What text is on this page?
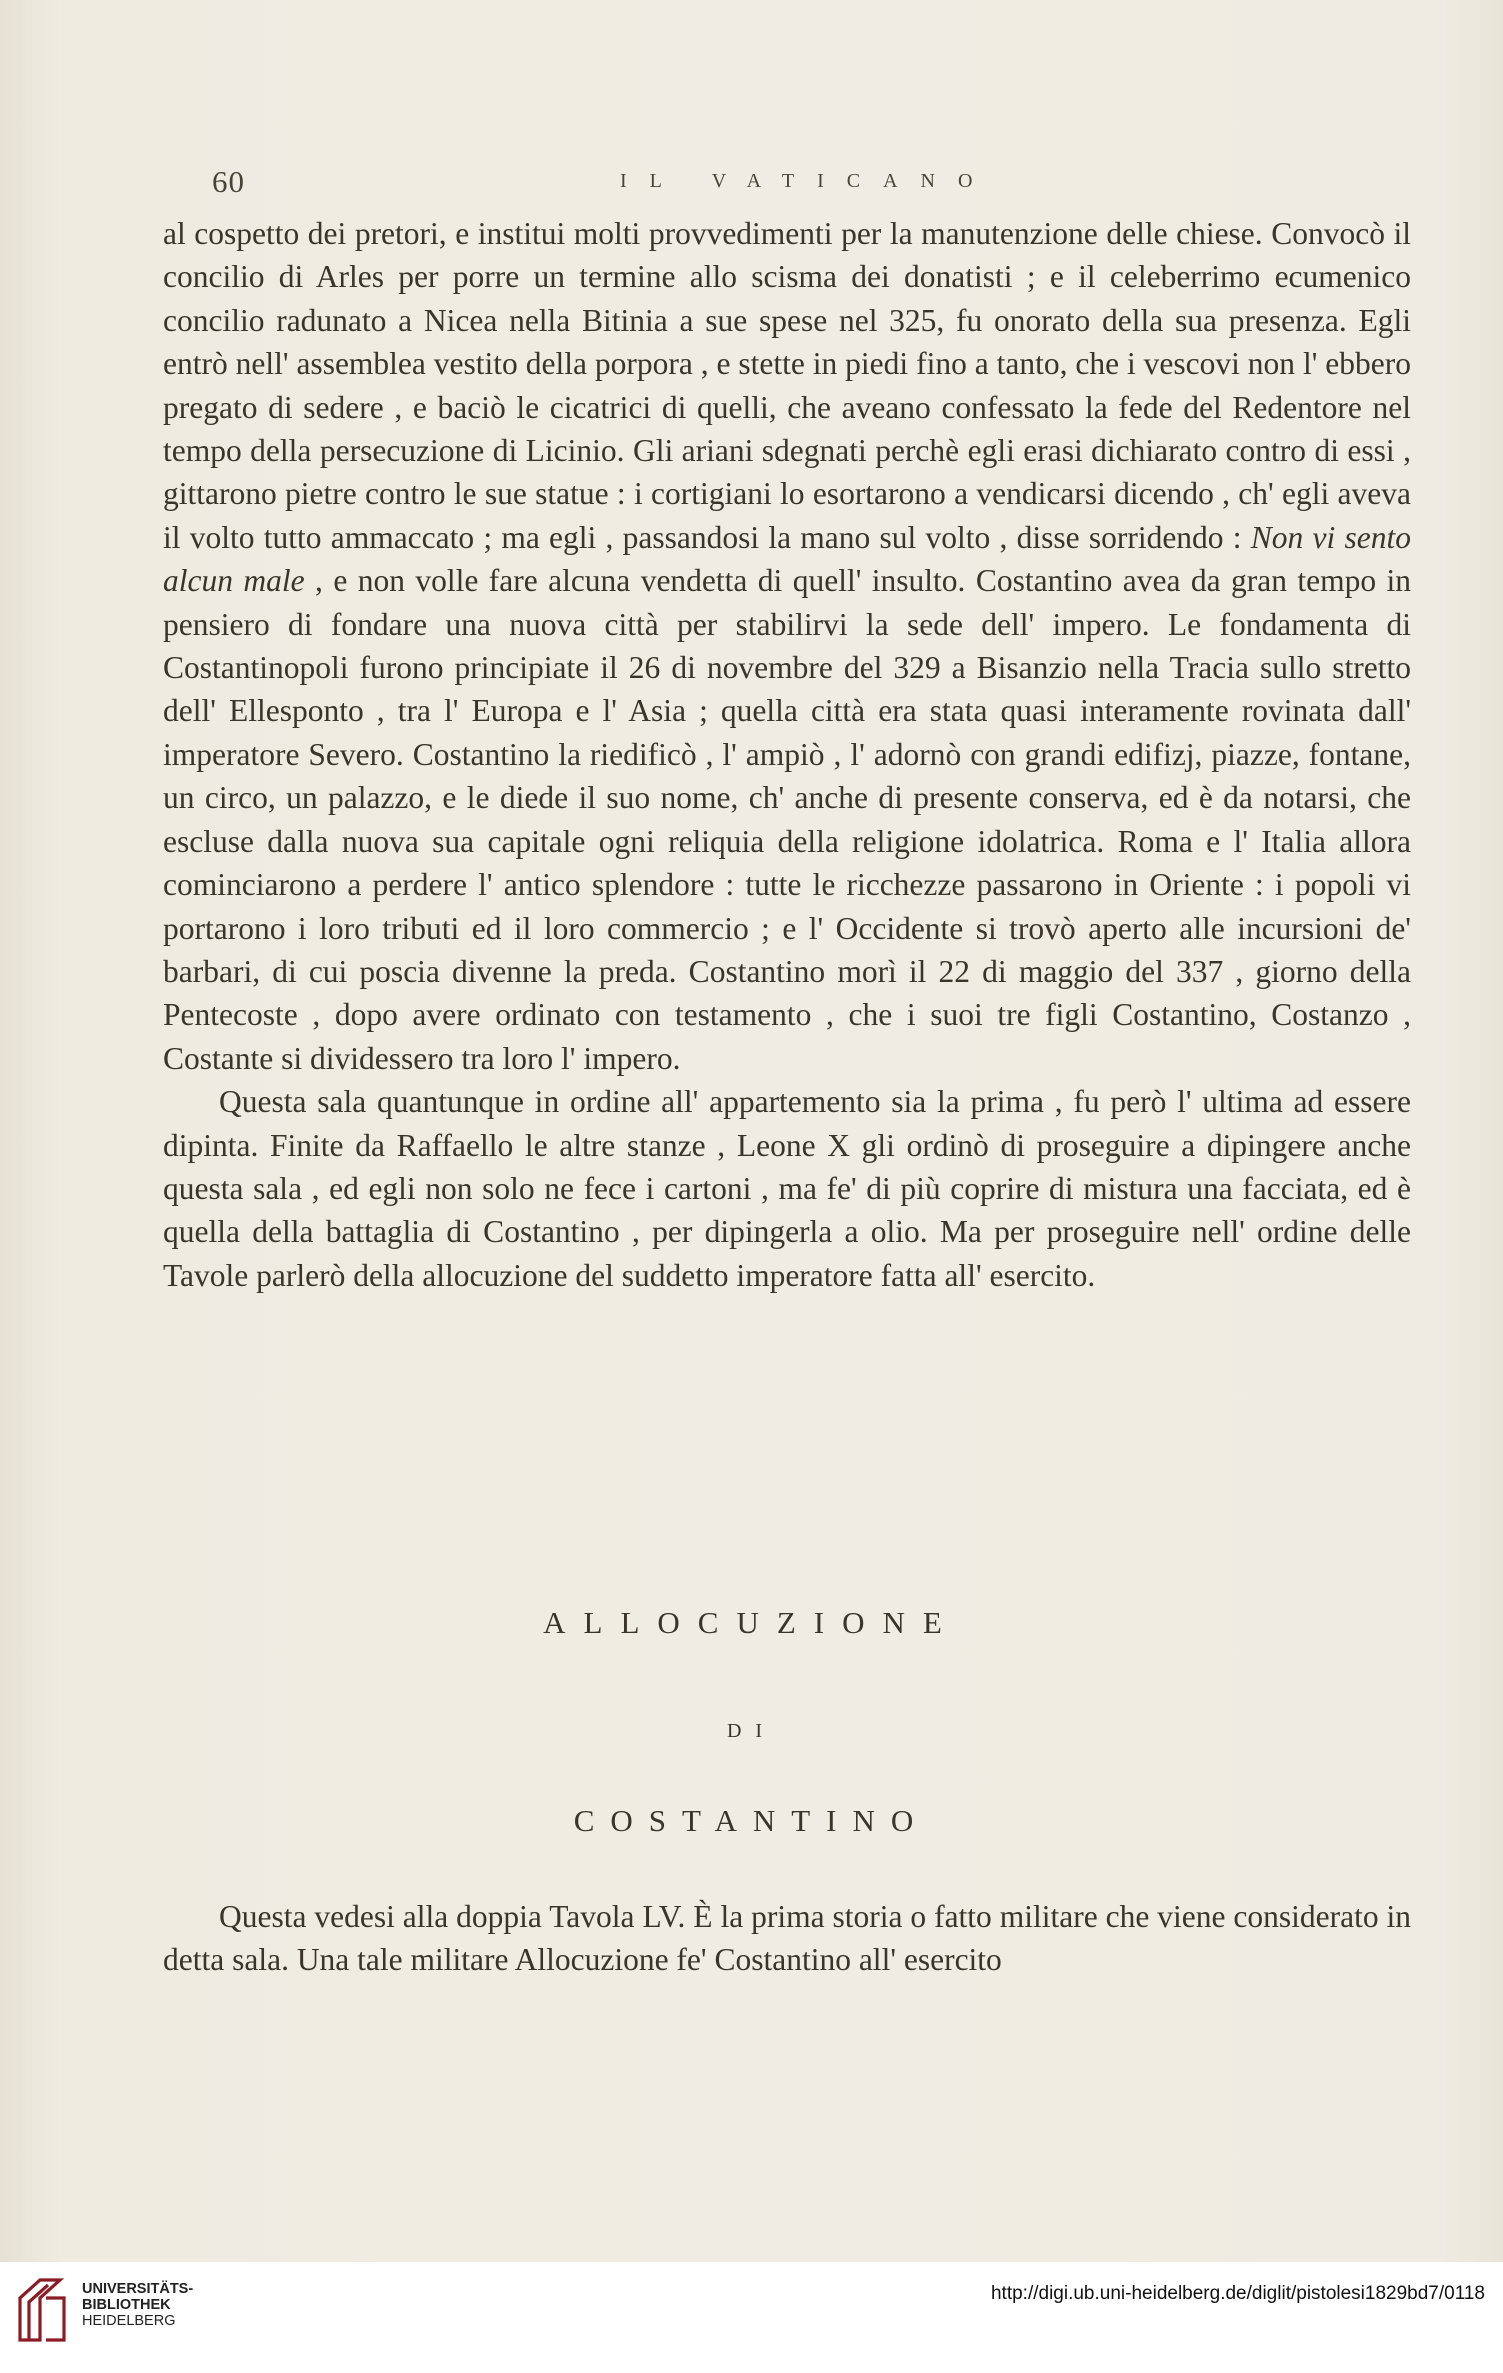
60	IL VATICANO

al cospetto dei pretori, e institui molti provvedimenti per la manutenzione delle chiese. Convocò il concilio di Arles per porre un termine allo scisma dei donatisti ; e il celeberrimo ecumenico concilio radunato a Nicea nella Bitinia a sue spese nel 325, fu onorato della sua presenza. Egli entrò nell' assemblea vestito della porpora , e stette in piedi fino a tanto, che i vescovi non l' ebbero pregato di sedere , e baciò le cicatrici di quelli, che aveano confessato la fede del Redentore nel tempo della persecuzione di Licinio. Gli ariani sdegnati perchè egli erasi dichiarato contro di essi , gittarono pietre contro le sue statue : i cortigiani lo esortarono a vendicarsi dicendo , ch' egli aveva il volto tutto ammaccato ; ma egli , passandosi la mano sul volto , disse sorridendo : Non vi sento alcun male , e non volle fare alcuna vendetta di quell' insulto. Costantino avea da gran tempo in pensiero di fondare una nuova città per stabilirvi la sede dell' impero. Le fondamenta di Costantinopoli furono principiate il 26 di novembre del 329 a Bisanzio nella Tracia sullo stretto dell' Ellesponto , tra l' Europa e l' Asia ; quella città era stata quasi interamente rovinata dall' imperatore Severo. Costantino la riedificò , l' ampiò , l' adornò con grandi edifizj, piazze, fontane, un circo, un palazzo, e le diede il suo nome, ch' anche di presente conserva, ed è da notarsi, che escluse dalla nuova sua capitale ogni reliquia della religione idolatrica. Roma e l' Italia allora cominciarono a perdere l' antico splendore : tutte le ricchezze passarono in Oriente : i popoli vi portarono i loro tributi ed il loro commercio ; e l' Occidente si trovò aperto alle incursioni de' barbari, di cui poscia divenne la preda. Costantino morì il 22 di maggio del 337 , giorno della Pentecoste , dopo avere ordinato con testamento , che i suoi tre figli Costantino, Costanzo , Costante si dividessero tra loro l' impero.

Questa sala quantunque in ordine all' appartemento sia la prima , fu però l' ultima ad essere dipinta. Finite da Raffaello le altre stanze , Leone X gli ordinò di proseguire a dipingere anche questa sala , ed egli non solo ne fece i cartoni , ma fe' di più coprire di mistura una facciata, ed è quella della battaglia di Costantino , per dipingerla a olio. Ma per proseguire nell' ordine delle Tavole parlerò della allocuzione del suddetto imperatore fatta all' esercito.

ALLOCUZIONE
DI
COSTANTINO

Questa vedesi alla doppia Tavola LV. È la prima storia o fatto militare che viene considerato in detta sala. Una tale militare Allocuzione fe' Costantino all' esercito

UNIVERSITÄTS-
BIBLIOTHEK
HEIDELBERG
http://digi.ub.uni-heidelberg.de/diglit/pistolesi1829bd7/0118
